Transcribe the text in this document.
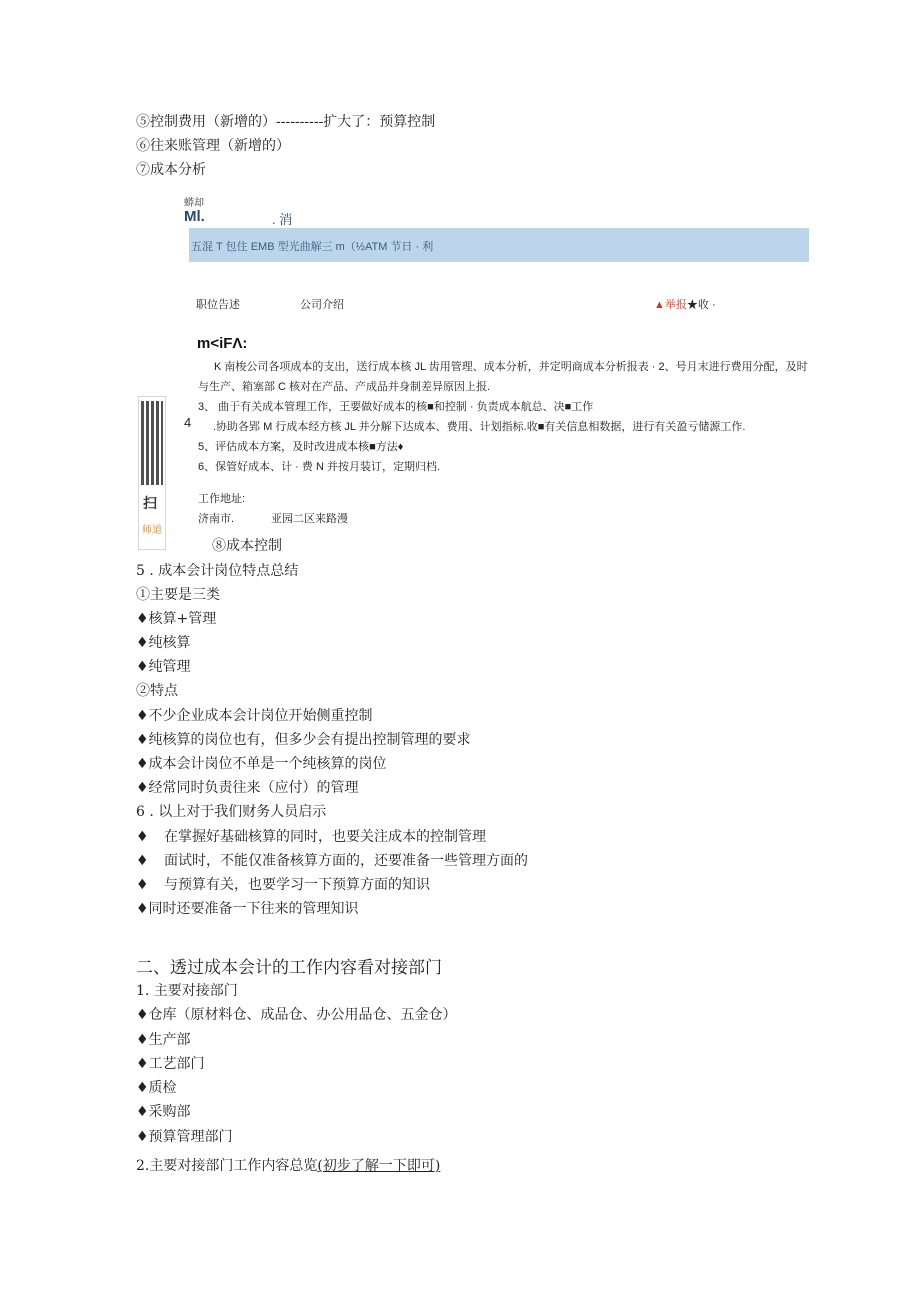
⑤控制费用（新增的）----------扩大了：预算控制
⑥往来账管理（新增的）
⑦成本分析
蟒却
Ml.	. 消
五混 T 包住 EMB 型光曲解三 m（½ATM 节日 · 利
职位告述	公司介绍	▲举报★收 ·
m<iFΛ:
K 南梭公司各项成本的支出，送行成本核 JL 齿用管理、成本分析，并定明商成本分析报表 · 2、号月末进行费用分配，及时
与生产、箱塞部 C 核对在产品、产成品并身制差异原因上报.
3、 曲于有关成本管理工作，王要做好成本的核■和控制 · 负责成本航总、决■工作
4 .协助各郢 M 行成本经方核 JL 并分解下达成本、费用、计划指标.收■有关信息相数据，进行有关盈亏储源工作.
5、评估成本方案，及时改进成本核■方法♦
6、保管好成本、计 · 费 N 并按月装订，定期归档.
工作地址:
济南市.	亚园二区来路漫
扫
师道
⑧成本控制
5 . 成本会计岗位特点总结
①主要是三类
♦核算+管理
♦纯核算
♦纯管理
②特点
♦不少企业成本会计岗位开始侧重控制
♦纯核算的岗位也有，但多少会有提出控制管理的要求
♦成本会计岗位不单是一个纯核算的岗位
♦经常同时负责往来（应付）的管理
6 . 以上对于我们财务人员启示
♦ 在掌握好基础核算的同时，也要关注成本的控制管理
♦ 面试时，不能仅准备核算方面的，还要准备一些管理方面的
♦ 与预算有关，也要学习一下预算方面的知识
♦同时还要准备一下往来的管理知识
二、透过成本会计的工作内容看对接部门
1. 主要对接部门
♦仓库（原材料仓、成品仓、办公用品仓、五金仓）
♦生产部
♦工艺部门
♦质检
♦采购部
♦预算管理部门
2.主要对接部门工作内容总览(初步了解一下即可)
